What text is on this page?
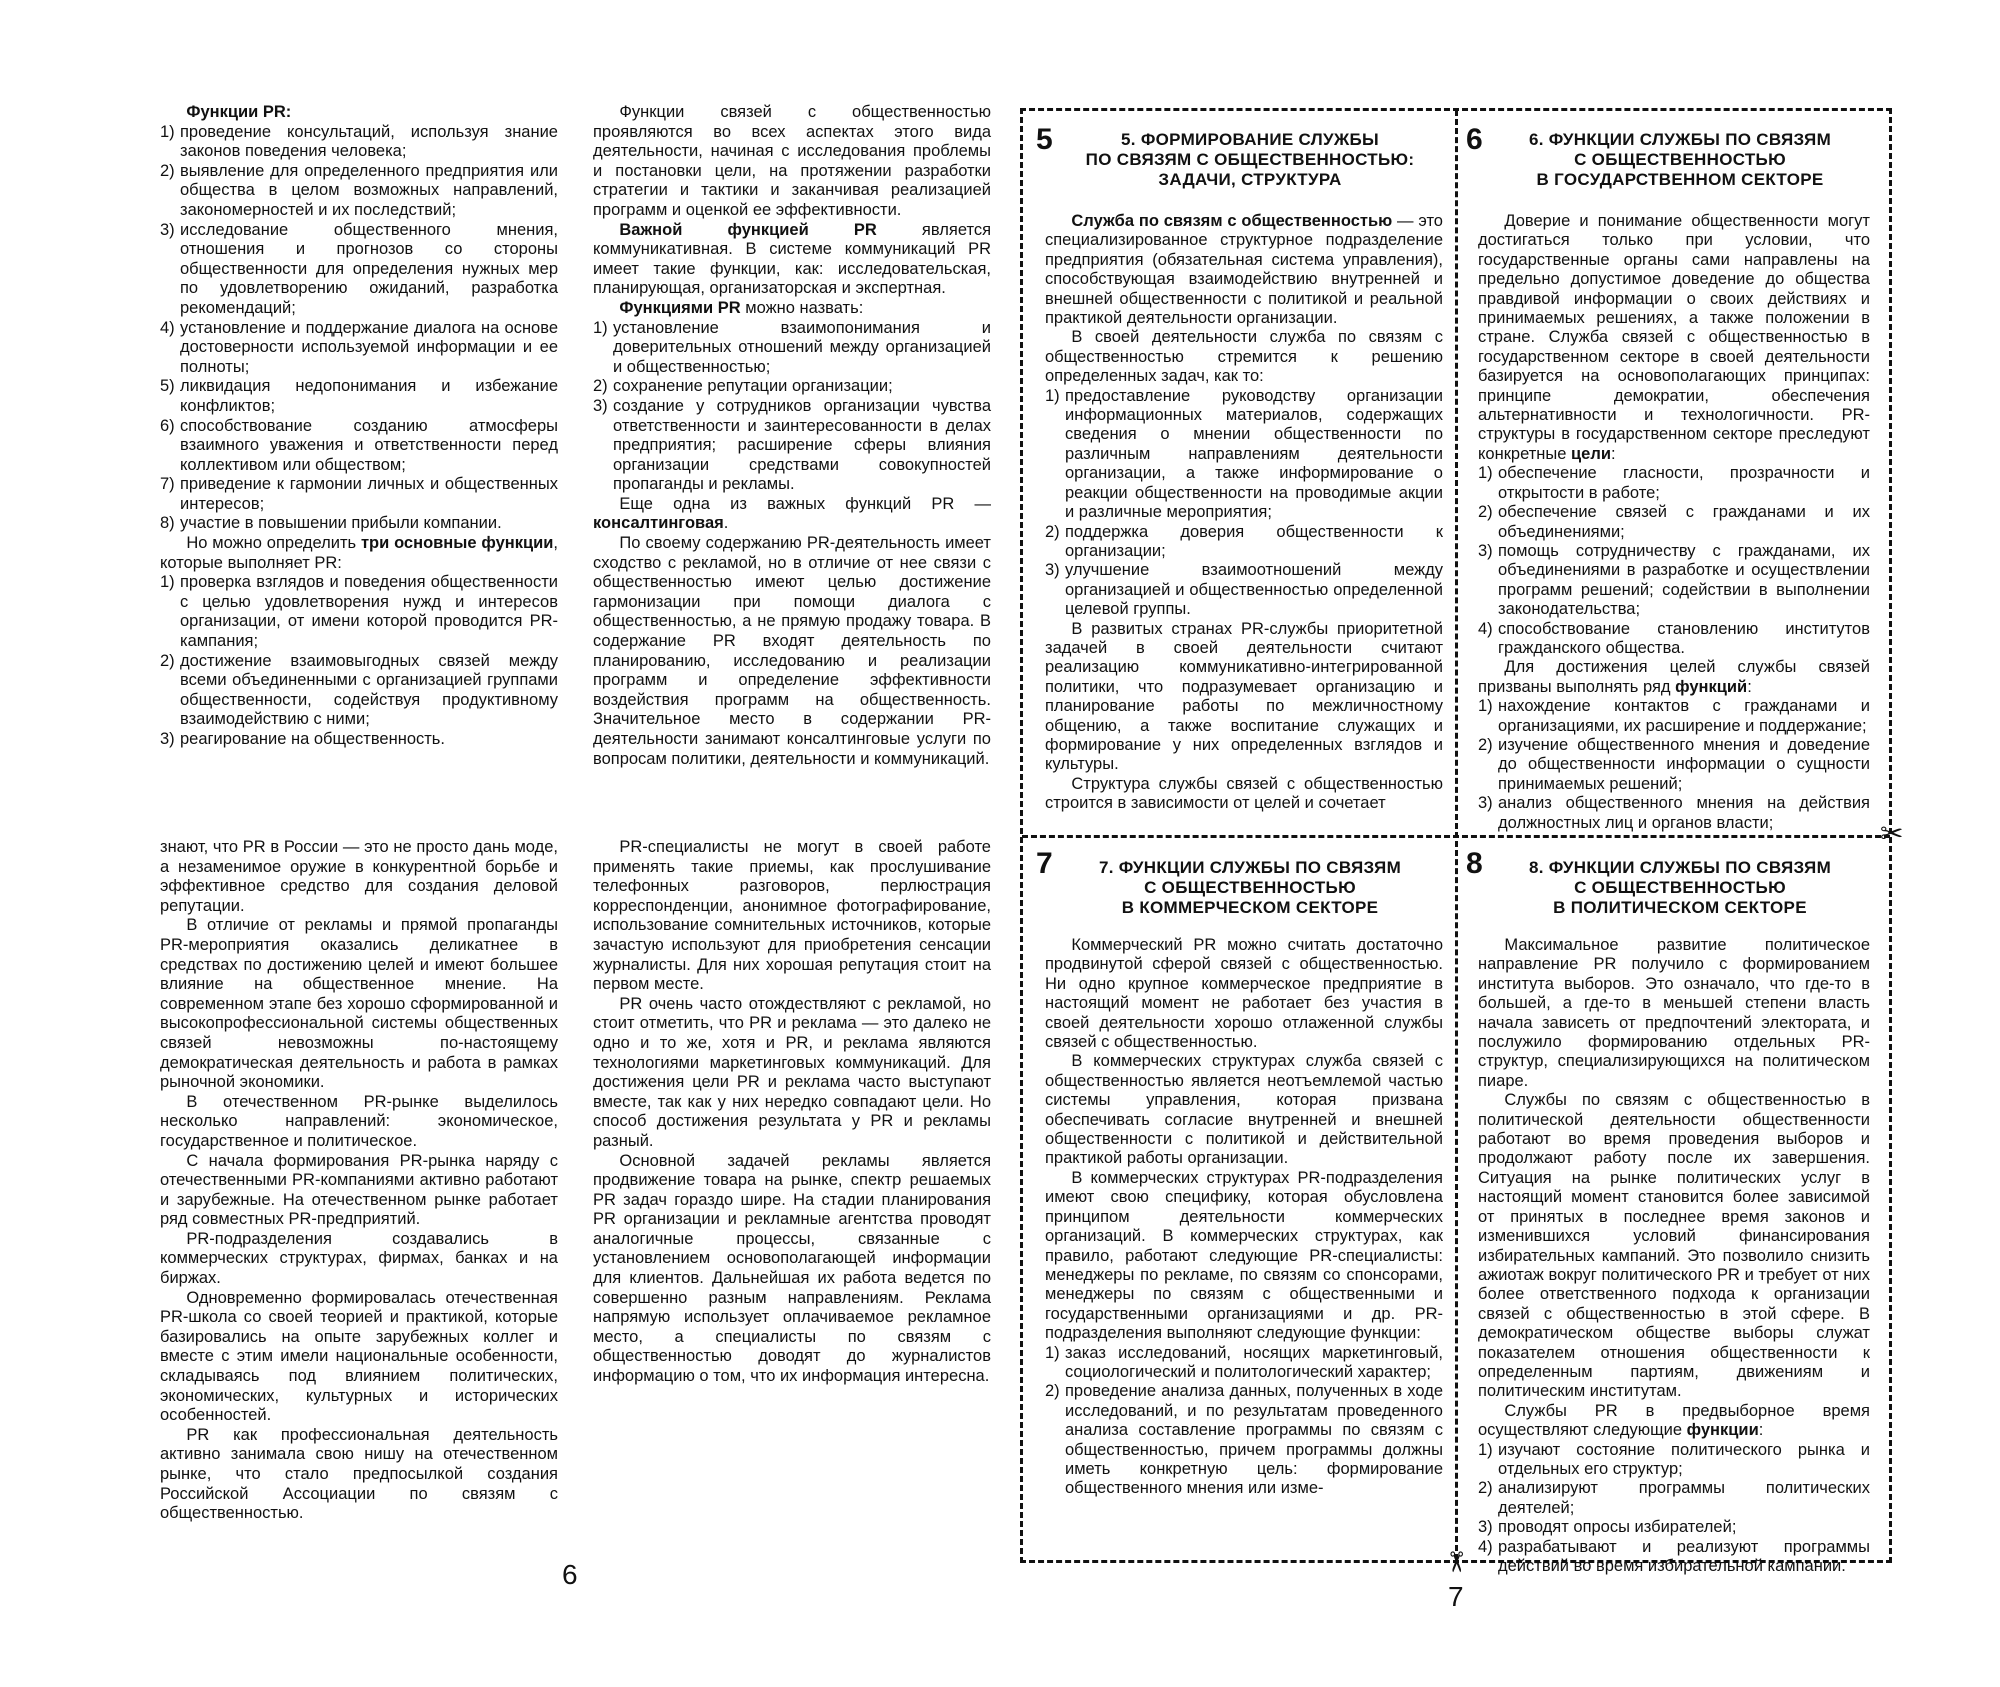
Функции PR:

1) проведение консультаций, используя знание законов поведения человека;
2) выявление для определенного предприятия или общества в целом возможных направлений, закономерностей и их последствий;
3) исследование общественного мнения, отношения и прогнозов со стороны общественности для определения нужных мер по удовлетворению ожиданий, разработка рекомендаций;
4) установление и поддержание диалога на основе достоверности используемой информации и ее полноты;
5) ликвидация недопонимания и избежание конфликтов;
6) способствование созданию атмосферы взаимного уважения и ответственности перед коллективом или обществом;
7) приведение к гармонии личных и общественных интересов;
8) участие в повышении прибыли компании.

Но можно определить три основные функции, которые выполняет PR:

1) проверка взглядов и поведения общественности с целью удовлетворения нужд и интересов организации, от имени которой проводится PR-кампания;
2) достижение взаимовыгодных связей между всеми объединенными с организацией группами общественности, содействуя продуктивному взаимодействию с ними;
3) реагирование на общественность.

Функции связей с общественностью проявляются во всех аспектах этого вида деятельности, начиная с исследования проблемы и постановки цели, на протяжении разработки стратегии и тактики и заканчивая реализацией программ и оценкой ее эффективности.

Важной функцией PR является коммуникативная. В системе коммуникаций PR имеет такие функции, как: исследовательская, планирующая, организаторская и экспертная.

Функциями PR можно назвать:

1) установление взаимопонимания и доверительных отношений между организацией и общественностью;
2) сохранение репутации организации;
3) создание у сотрудников организации чувства ответственности и заинтересованности в делах предприятия; расширение сферы влияния организации средствами совокупностей пропаганды и рекламы.

Еще одна из важных функций PR — консалтинговая.

По своему содержанию PR-деятельность имеет сходство с рекламой, но в отличие от нее связи с общественностью имеют целью достижение гармонизации при помощи диалога с общественностью, а не прямую продажу товара. В содержание PR входят деятельность по планированию, исследованию и реализации программ и определение эффективности воздействия программ на общественность. Значительное место в содержании PR-деятельности занимают консалтинговые услуги по вопросам политики, деятельности и коммуникаций.

знают, что PR в России — это не просто дань моде, а незаменимое оружие в конкурентной борьбе и эффективное средство для создания деловой репутации.

В отличие от рекламы и прямой пропаганды PR-мероприятия оказались деликатнее в средствах по достижению целей и имеют большее влияние на общественное мнение. На современном этапе без хорошо сформированной и высокопрофессиональной системы общественных связей невозможны по-настоящему демократическая деятельность и работа в рамках рыночной экономики.

В отечественном PR-рынке выделилось несколько направлений: экономическое, государственное и политическое.

С начала формирования PR-рынка наряду с отечественными PR-компаниями активно работают и зарубежные. На отечественном рынке работает ряд совместных PR-предприятий.

PR-подразделения создавались в коммерческих структурах, фирмах, банках и на биржах.

Одновременно формировалась отечественная PR-школа со своей теорией и практикой, которые базировались на опыте зарубежных коллег и вместе с этим имели национальные особенности, складываясь под влиянием политических, экономических, культурных и исторических особенностей.

PR как профессиональная деятельность активно занимала свою нишу на отечественном рынке, что стало предпосылкой создания Российской Ассоциации по связям с общественностью.

PR-специалисты не могут в своей работе применять такие приемы, как прослушивание телефонных разговоров, перлюстрация корреспонденции, анонимное фотографирование, использование сомнительных источников, которые зачастую используют для приобретения сенсации журналисты. Для них хорошая репутация стоит на первом месте.

PR очень часто отождествляют с рекламой, но стоит отметить, что PR и реклама — это далеко не одно и то же, хотя и PR, и реклама являются технологиями маркетинговых коммуникаций. Для достижения цели PR и реклама часто выступают вместе, так как у них нередко совпадают цели. Но способ достижения результата у PR и рекламы разный.

Основной задачей рекламы является продвижение товара на рынке, спектр решаемых PR задач гораздо шире. На стадии планирования PR организации и рекламные агентства проводят аналогичные процессы, связанные с установлением основополагающей информации для клиентов. Дальнейшая их работа ведется по совершенно разным направлениям. Реклама напрямую использует оплачиваемое рекламное место, а специалисты по связям с общественностью доводят до журналистов информацию о том, что их информация интересна.

6
✂
✂
5	5. ФОРМИРОВАНИЕ СЛУЖБЫ
ПО СВЯЗЯМ С ОБЩЕСТВЕННОСТЬЮ:
ЗАДАЧИ, СТРУКТУРА

Служба по связям с общественностью — это специализированное структурное подразделение предприятия (обязательная система управления), способствующая взаимодействию внутренней и внешней общественности с политикой и реальной практикой деятельности организации.

В своей деятельности служба по связям с общественностью стремится к решению определенных задач, как то:

1) предоставление руководству организации информационных материалов, содержащих сведения о мнении общественности по различным направлениям деятельности организации, а также информирование о реакции общественности на проводимые акции и различные мероприятия;
2) поддержка доверия общественности к организации;
3) улучшение взаимоотношений между организацией и общественностью определенной целевой группы.

В развитых странах PR-службы приоритетной задачей в своей деятельности считают реализацию коммуникативно-интегрированной политики, что подразумевает организацию и планирование работы по межличностному общению, а также воспитание служащих и формирование у них определенных взглядов и культуры.

Структура службы связей с общественностью строится в зависимости от целей и сочетает

6	6. ФУНКЦИИ СЛУЖБЫ ПО СВЯЗЯМ
С ОБЩЕСТВЕННОСТЬЮ
В ГОСУДАРСТВЕННОМ СЕКТОРЕ

Доверие и понимание общественности могут достигаться только при условии, что государственные органы сами направлены на предельно допустимое доведение до общества правдивой информации о своих действиях и принимаемых решениях, а также положении в стране. Служба связей с общественностью в государственном секторе в своей деятельности базируется на основополагающих принципах: принципе демократии, обеспечения альтернативности и технологичности. PR-структуры в государственном секторе преследуют конкретные цели:

1) обеспечение гласности, прозрачности и открытости в работе;
2) обеспечение связей с гражданами и их объединениями;
3) помощь сотрудничеству с гражданами, их объединениями в разработке и осуществлении программ решений; содействии в выполнении законодательства;
4) способствование становлению институтов гражданского общества.

Для достижения целей службы связей призваны выполнять ряд функций:

1) нахождение контактов с гражданами и организациями, их расширение и поддержание;
2) изучение общественного мнения и доведение до общественности информации о сущности принимаемых решений;
3) анализ общественного мнения на действия должностных лиц и органов власти;
7	7. ФУНКЦИИ СЛУЖБЫ ПО СВЯЗЯМ
С ОБЩЕСТВЕННОСТЬЮ
В КОММЕРЧЕСКОМ СЕКТОРЕ

Коммерческий PR можно считать достаточно продвинутой сферой связей с общественностью. Ни одно крупное коммерческое предприятие в настоящий момент не работает без участия в своей деятельности хорошо отлаженной службы связей с общественностью.

В коммерческих структурах служба связей с общественностью является неотъемлемой частью системы управления, которая призвана обеспечивать согласие внутренней и внешней общественности с политикой и действительной практикой работы организации.

В коммерческих структурах PR-подразделения имеют свою специфику, которая обусловлена принципом деятельности коммерческих организаций. В коммерческих структурах, как правило, работают следующие PR-специалисты: менеджеры по рекламе, по связям со спонсорами, менеджеры по связям с общественными и государственными организациями и др. PR-подразделения выполняют следующие функции:

1) заказ исследований, носящих маркетинговый, социологический и политологический характер;
2) проведение анализа данных, полученных в ходе исследований, и по результатам проведенного анализа составление программы по связям с общественностью, причем программы должны иметь конкретную цель: формирование общественного мнения или изме-
8	8. ФУНКЦИИ СЛУЖБЫ ПО СВЯЗЯМ
С ОБЩЕСТВЕННОСТЬЮ
В ПОЛИТИЧЕСКОМ СЕКТОРЕ

Максимальное развитие политическое направление PR получило с формированием института выборов. Это означало, что где-то в большей, а где-то в меньшей степени власть начала зависеть от предпочтений электората, и послужило формированию отдельных PR-структур, специализирующихся на политическом пиаре.

Службы по связям с общественностью в политической деятельности общественности работают во время проведения выборов и продолжают работу после их завершения. Ситуация на рынке политических услуг в настоящий момент становится более зависимой от принятых в последнее время законов и изменившихся условий финансирования избирательных кампаний. Это позволило снизить ажиотаж вокруг политического PR и требует от них более ответственного подхода к организации связей с общественностью в этой сфере. В демократическом обществе выборы служат показателем отношения общественности к определенным партиям, движениям и политическим институтам.

Службы PR в предвыборное время осуществляют следующие функции:

1) изучают состояние политического рынка и отдельных его структур;
2) анализируют программы политических деятелей;
3) проводят опросы избирателей;
4) разрабатывают и реализуют программы действий во время избирательной кампании.
7
